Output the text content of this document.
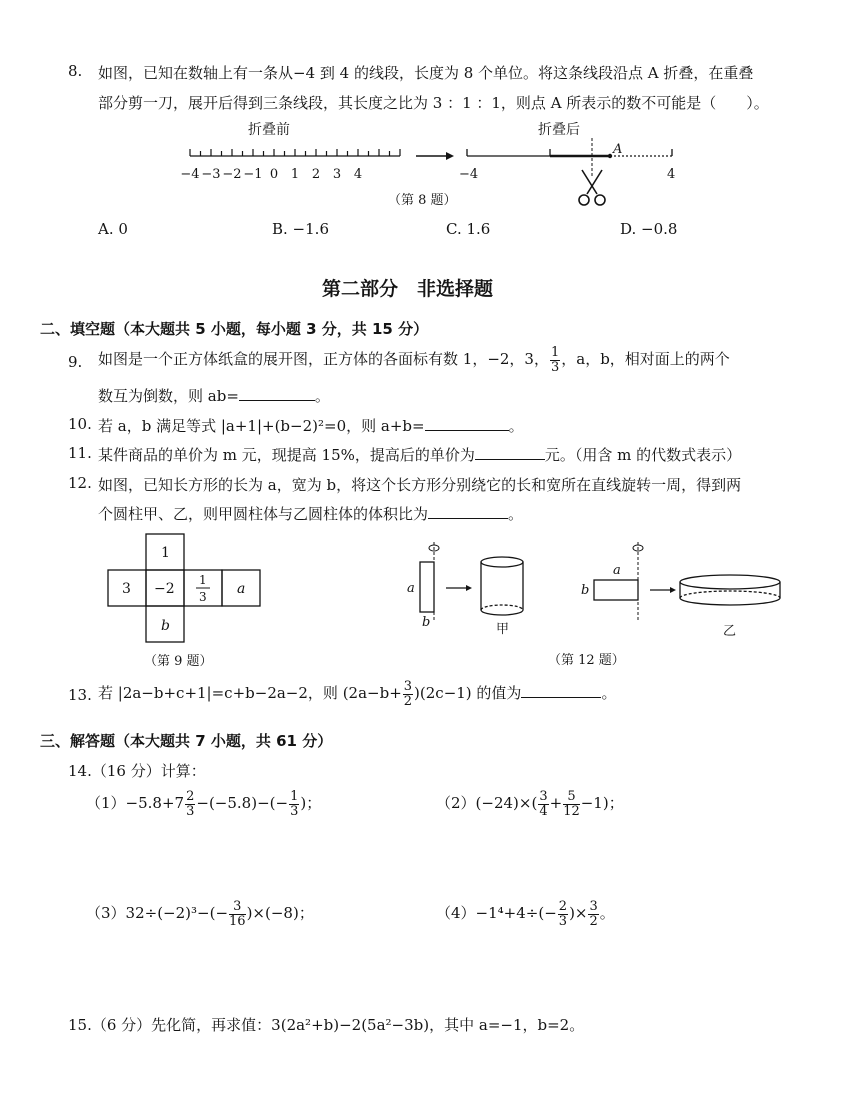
8. 如图，已知在数轴上有一条从−4 到 4 的线段，长度为 8 个单位。将这条线段沿点 A 折叠，在重叠
部分剪一刀，展开后得到三条线段，其长度之比为 3 ：1 ：1，则点 A 所表示的数不可能是（　　）。
折叠前	折叠后
−4 −3 −2 −1 0 1 2 3 4
A
−4	4
（第 8 题）
A. 0	B. −1.6	C. 1.6	D. −0.8
第二部分　非选择题
二、填空题（本大题共 5 小题，每小题 3 分，共 15 分）
9. 如图是一个正方体纸盒的展开图，正方体的各面标有数 1，−2，3， $\frac{1}{3}$ ，a，b，相对面上的两个
数互为倒数，则 ab=	。
10. 若 a，b 满足等式 |a+1|+(b−2)²=0，则 a+b=	。
11. 某件商品的单价为 m 元，现提高 15%，提高后的单价为	元。（用含 m 的代数式表示）
12. 如图，已知长方形的长为 a，宽为 b，将这个长方形分别绕它的长和宽所在直线旋转一周，得到两
个圆柱甲、乙，则甲圆柱体与乙圆柱体的体积比为	。
1
3 −2
1
3 a
b
（第 9 题）
a
b	甲
a
b
乙
（第 12 题）
13. 若 |2a−b+c+1|=c+b−2a−2，则 $(2a-b+ \frac{3}{2} )(2c-1)$ 的值为	。
三、解答题（本大题共 7 小题，共 61 分）
14.（16 分）计算：
$(1)-5.8+7 \frac{2}{3} -(-5.8)-(- \frac{1}{3}$ )；	$(2)(-24)\times( \frac{3}{4} + \frac{5}{12} -1)$；
$(3)32\div(-2)^3-(- \frac{3}{16} )\times(-8)$；	$(4)-1^4+4\div(- \frac{2}{3}$ )× $\frac{3}{2}$ 。
15.（6 分）先化简，再求值：3(2a²+b)−2(5a²−3b)，其中 a=−1，b=2。
